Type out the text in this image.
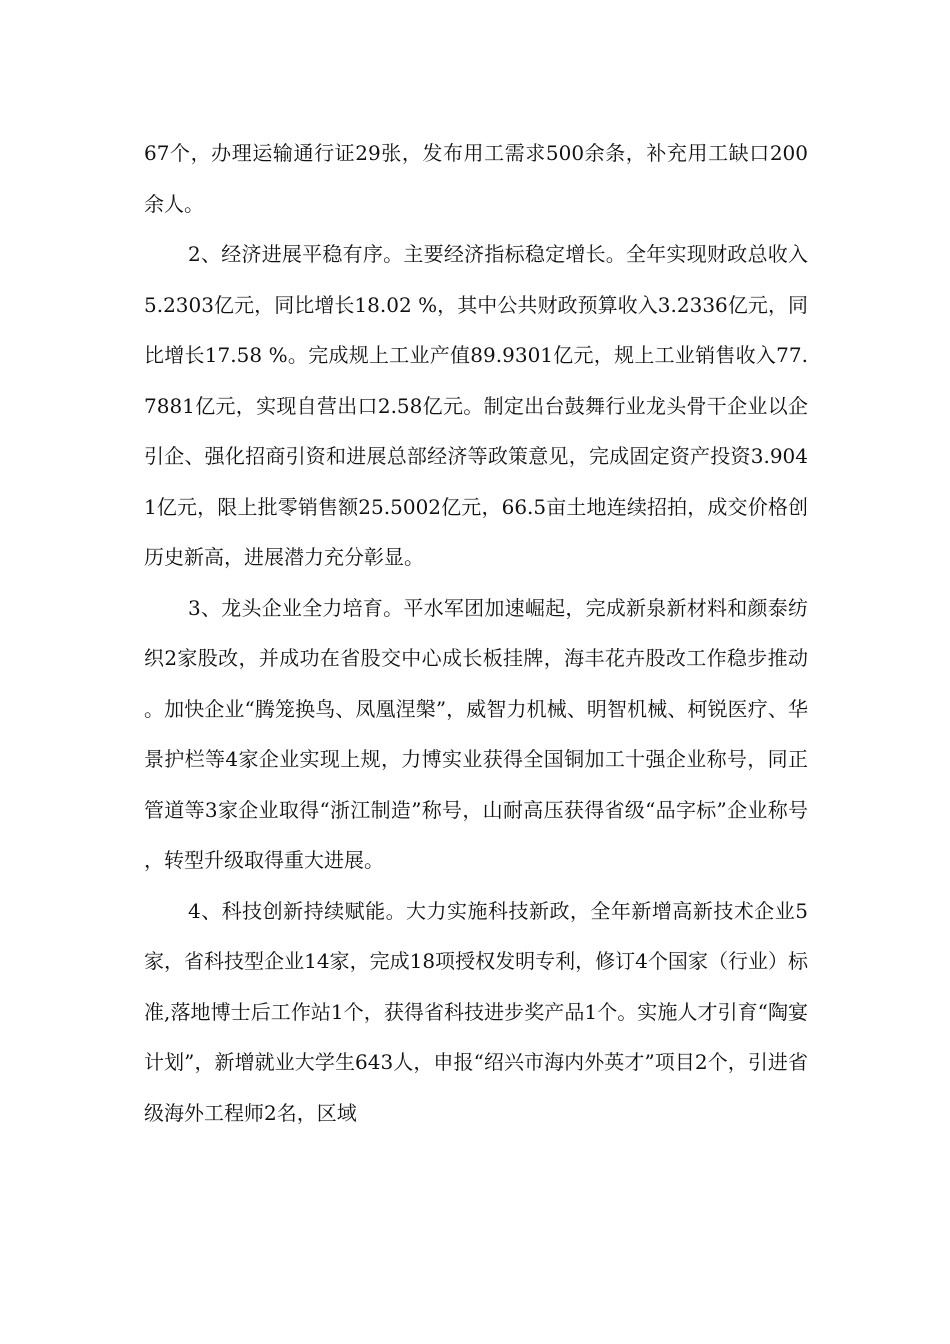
67个，办理运输通行证29张，发布用工需求500余条，补充用工缺口200余人。

2、经济进展平稳有序。主要经济指标稳定增长。全年实现财政总收入5.2303亿元，同比增长18.02 %，其中公共财政预算收入3.2336亿元，同比增长17.58 %。完成规上工业产值89.9301亿元，规上工业销售收入77.7881亿元，实现自营出口2.58亿元。制定出台鼓舞行业龙头骨干企业以企引企、强化招商引资和进展总部经济等政策意见，完成固定资产投资3.9041亿元，限上批零销售额25.5002亿元，66.5亩土地连续招拍，成交价格创历史新高，进展潜力充分彰显。

3、龙头企业全力培育。平水军团加速崛起，完成新泉新材料和颜泰纺织2家股改，并成功在省股交中心成长板挂牌，海丰花卉股改工作稳步推动。加快企业“腾笼换鸟、凤凰涅槃”，威智力机械、明智机械、柯锐医疗、华景护栏等4家企业实现上规，力博实业获得全国铜加工十强企业称号，同正管道等3家企业取得“浙江制造”称号，山耐高压获得省级“品字标”企业称号，转型升级取得重大进展。

4、科技创新持续赋能。大力实施科技新政，全年新增高新技术企业5家，省科技型企业14家，完成18项授权发明专利，修订4个国家（行业）标准,落地博士后工作站1个，获得省科技进步奖产品1个。实施人才引育“陶宴计划”，新增就业大学生643人，申报“绍兴市海内外英才”项目2个，引进省级海外工程师2名，区域
